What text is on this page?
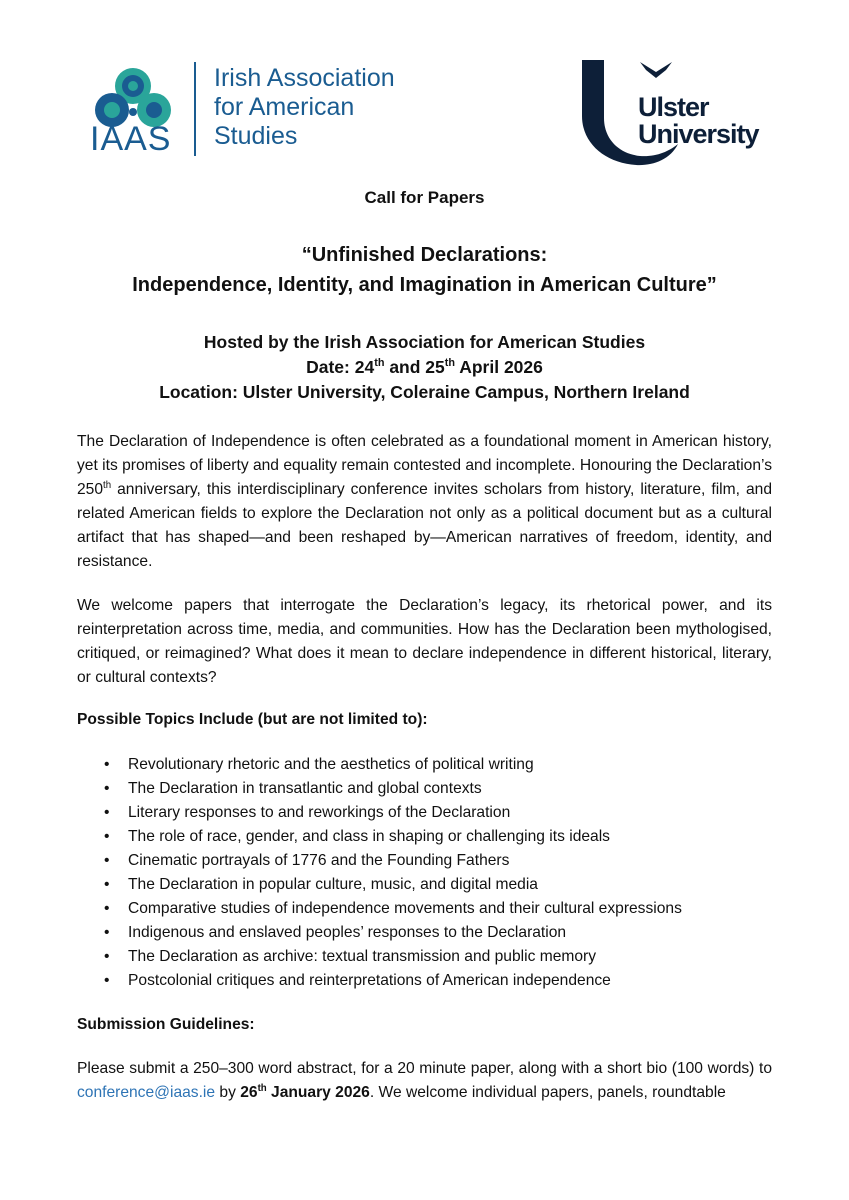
IAAS
Irish Association
for American
Studies
Ulster
University
Call for Papers
“Unfinished Declarations:
Independence, Identity, and Imagination in American Culture”
Hosted by the Irish Association for American Studies
Date: 24th and 25th April 2026
Location: Ulster University, Coleraine Campus, Northern Ireland
The Declaration of Independence is often celebrated as a foundational moment in American history, yet its promises of liberty and equality remain contested and incomplete. Honouring the Declaration’s 250th anniversary, this interdisciplinary conference invites scholars from history, literature, film, and related American fields to explore the Declaration not only as a political document but as a cultural artifact that has shaped—and been reshaped by—American narratives of freedom, identity, and resistance.
We welcome papers that interrogate the Declaration’s legacy, its rhetorical power, and its reinterpretation across time, media, and communities. How has the Declaration been mythologised, critiqued, or reimagined? What does it mean to declare independence in different historical, literary, or cultural contexts?
Possible Topics Include (but are not limited to):
• Revolutionary rhetoric and the aesthetics of political writing
• The Declaration in transatlantic and global contexts
• Literary responses to and reworkings of the Declaration
• The role of race, gender, and class in shaping or challenging its ideals
• Cinematic portrayals of 1776 and the Founding Fathers
• The Declaration in popular culture, music, and digital media
• Comparative studies of independence movements and their cultural expressions
• Indigenous and enslaved peoples’ responses to the Declaration
• The Declaration as archive: textual transmission and public memory
• Postcolonial critiques and reinterpretations of American independence
Submission Guidelines:
Please submit a 250–300 word abstract, for a 20 minute paper, along with a short bio (100 words) to conference@iaas.ie by 26th January 2026. We welcome individual papers, panels, roundtable
